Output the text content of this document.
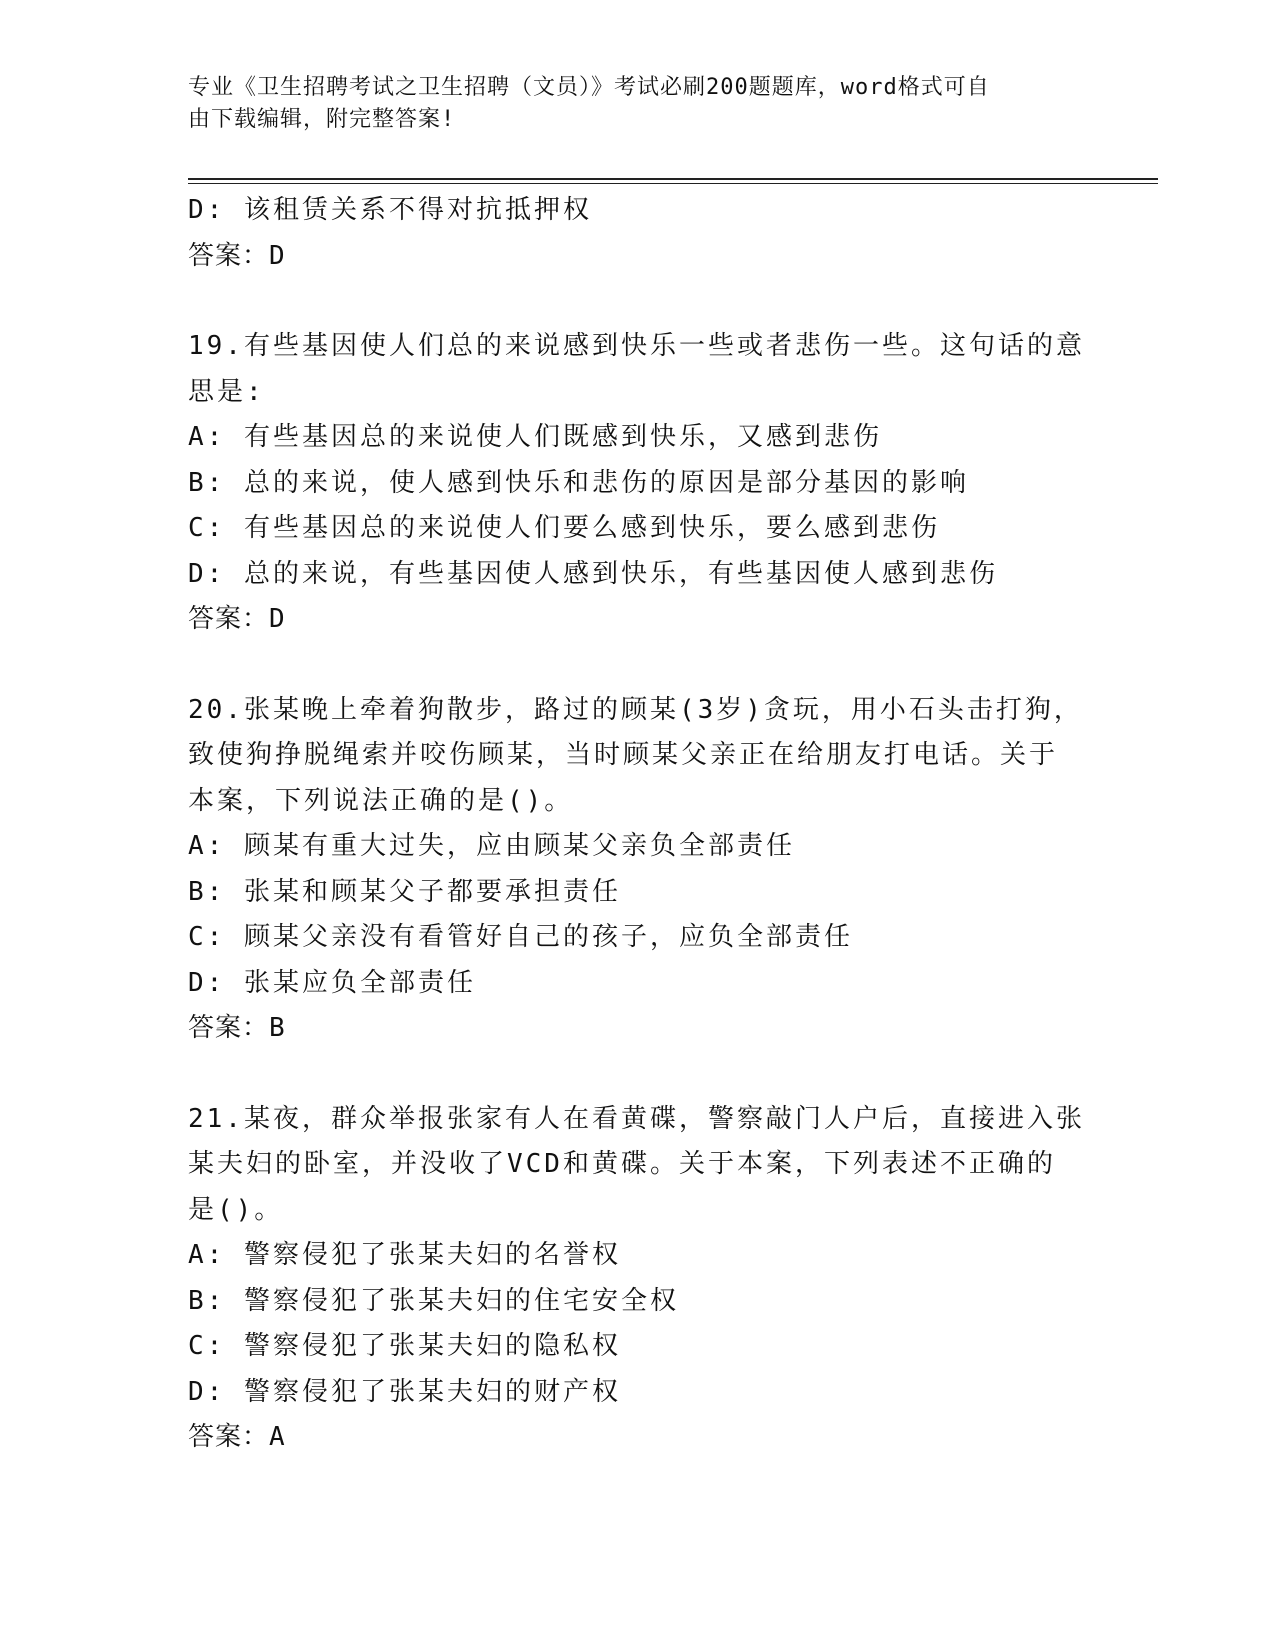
专业《卫生招聘考试之卫生招聘（文员）》考试必刷200题题库，word格式可自
由下载编辑，附完整答案!
D: 该租赁关系不得对抗抵押权
答案：D
19.有些基因使人们总的来说感到快乐一些或者悲伤一些。这句话的意
思是:
A: 有些基因总的来说使人们既感到快乐，又感到悲伤
B: 总的来说，使人感到快乐和悲伤的原因是部分基因的影响
C: 有些基因总的来说使人们要么感到快乐，要么感到悲伤
D: 总的来说，有些基因使人感到快乐，有些基因使人感到悲伤
答案：D
20.张某晚上牵着狗散步，路过的顾某(3岁)贪玩，用小石头击打狗，
致使狗挣脱绳索并咬伤顾某，当时顾某父亲正在给朋友打电话。关于
本案，下列说法正确的是()。
A: 顾某有重大过失，应由顾某父亲负全部责任
B: 张某和顾某父子都要承担责任
C: 顾某父亲没有看管好自己的孩子，应负全部责任
D: 张某应负全部责任
答案：B
21.某夜，群众举报张家有人在看黄碟，警察敲门人户后，直接进入张
某夫妇的卧室，并没收了VCD和黄碟。关于本案，下列表述不正确的
是()。
A: 警察侵犯了张某夫妇的名誉权
B: 警察侵犯了张某夫妇的住宅安全权
C: 警察侵犯了张某夫妇的隐私权
D: 警察侵犯了张某夫妇的财产权
答案：A
